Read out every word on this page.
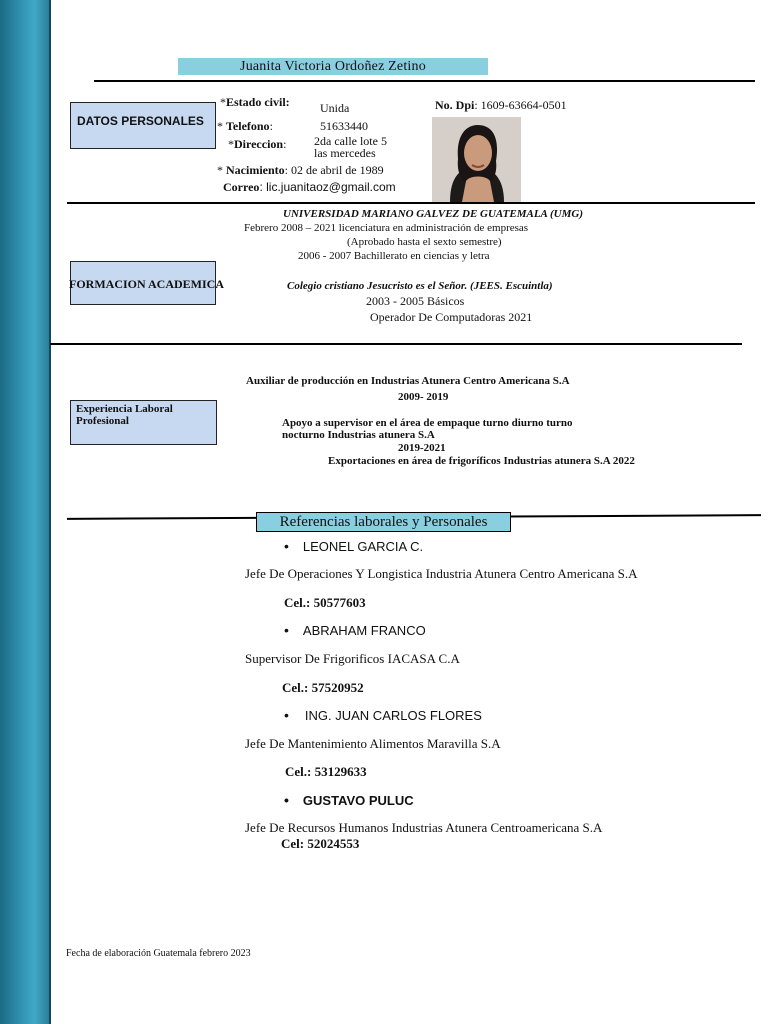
Juanita Victoria Ordoñez Zetino
DATOS PERSONALES
*Estado civil:	Unida	No. Dpi: 1609-63664-0501
* Telefono:	51633440
*Direccion: 2da calle lote 5
las mercedes
* Nacimiento: 02 de abril de 1989
Correo: lic.juanitaoz@gmail.com
FORMACION ACADEMICA
UNIVERSIDAD MARIANO GALVEZ DE GUATEMALA (UMG)
Febrero 2008 – 2021 licenciatura en administración de empresas
(Aprobado hasta el sexto semestre)
2006 - 2007 Bachillerato en ciencias y letra
Colegio cristiano Jesucristo es el Señor. (JEES. Escuintla)
2003 - 2005 Básicos
Operador De Computadoras 2021
Experiencia Laboral
Profesional
Auxiliar de producción en Industrias Atunera Centro Americana S.A
2009- 2019
Apoyo a supervisor en el área de empaque turno diurno turno
nocturno Industrias atunera S.A
2019-2021
Exportaciones en área de frigoríficos Industrias atunera S.A 2022
Referencias laborales y Personales
• LEONEL GARCIA C.
Jefe De Operaciones Y Longistica Industria Atunera Centro Americana S.A
Cel.: 50577603
• ABRAHAM FRANCO
Supervisor De Frigorificos IACASA C.A
Cel.: 57520952
• ING. JUAN CARLOS FLORES
Jefe De Mantenimiento Alimentos Maravilla S.A
Cel.: 53129633
• GUSTAVO PULUC
Jefe De Recursos Humanos Industrias Atunera Centroamericana S.A
Cel: 52024553
Fecha de elaboración Guatemala febrero 2023
